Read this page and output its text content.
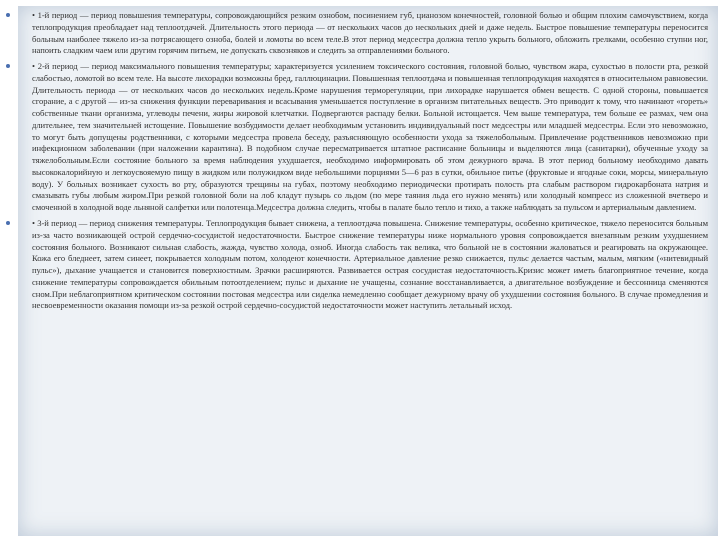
• 1-й период — период повышения температуры, сопровождающийся резким ознобом, посинением губ, цианозом конечностей, головной болью и общим плохим самочувствием, когда теплопродукция преобладает над теплоотдачей. Длительность этого периода — от нескольких часов до нескольких дней и даже недель. Быстрое повышение температуры переносится больным наиболее тяжело из-за потрясающего озноба, болей и ломоты во всем теле.В этот период медсестра должна тепло укрыть больного, обложить грелками, особенно ступни ног, напоить сладким чаем или другим горячим питьем, не допускать сквозняков и следить за отправлениями больного.
• 2-й период — период максимального повышения температуры; характеризуется усилением токсического состояния, головной болью, чувством жара, сухостью в полости рта, резкой слабостью, ломотой во всем теле. На высоте лихорадки возможны бред, галлюцинации. Повышенная теплоотдача и повышенная теплопродукция находятся в относительном равновесии. Длительность периода — от нескольких часов до нескольких недель.Кроме нарушения терморегуляции, при лихорадке нарушается обмен веществ. С одной стороны, повышается сгорание, а с другой — из-за снижения функции переваривания и всасывания уменьшается поступление в организм питательных веществ. Это приводит к тому, что начинают «гореть» собственные ткани организма, углеводы печени, жиры жировой клетчатки. Подвергаются распаду белки. Больной истощается. Чем выше температура, тем больше ее размах, чем она длительнее, тем значительней истощение. Повышение возбудимости делает необходимым установить индивидуальный пост медсестры или младшей медсестры. Если это невозможно, то могут быть допущены родственники, с которыми медсестра провела беседу, разъясняющую особенности ухода за тяжелобольным. Привлечение родственников невозможно при инфекционном заболевании (при наложении карантина). В подобном случае пересматривается штатное расписание больницы и выделяются лица (санитарки), обученные уходу за тяжелобольным.Если состояние больного за время наблюдения ухудшается, необходимо информировать об этом дежурного врача. В этот период больному необходимо давать высококалорийную и легкоусвояемую пищу в жидком или полужидком виде небольшими порциями 5—6 раз в сутки, обильное питье (фруктовые и ягодные соки, морсы, минеральную воду). У больных возникает сухость во рту, образуются трещины на губах, поэтому необходимо периодически протирать полость рта слабым раствором гидрокарбоната натрия и смазывать губы любым жиром.При резкой головной боли на лоб кладут пузырь со льдом (по мере таяния льда его нужно менять) или холодный компресс из сложенной вчетверо и смоченной в холодной воде льняной салфетки или полотенца.Медсестра должна следить, чтобы в палате было тепло и тихо, а также наблюдать за пульсом и артериальным давлением.
• 3-й период — период снижения температуры. Теплопродукция бывает снижена, а теплоотдача повышена. Снижение температуры, особенно критическое, тяжело переносится больным из-за часто возникающей острой сердечно-сосудистой недостаточности. Быстрое снижение температуры ниже нормального уровня сопровождается внезапным резким ухудшением состояния больного. Возникают сильная слабость, жажда, чувство холода, озноб. Иногда слабость так велика, что больной не в состоянии жаловаться и реагировать на окружающее. Кожа его бледнеет, затем синеет, покрывается холодным потом, холодеют конечности. Артериальное давление резко снижается, пульс делается частым, малым, мягким («нитевидный пульс»), дыхание учащается и становится поверхностным. Зрачки расширяются. Развивается острая сосудистая недостаточность.Кризис может иметь благоприятное течение, когда снижение температуры сопровождается обильным потоотделением; пульс и дыхание не учащены, сознание восстанавливается, а двигательное возбуждение и бессонница сменяются сном.При неблагоприятном критическом состоянии постовая медсестра или сиделка немедленно сообщает дежурному врачу об ухудшении состояния больного. В случае промедления и несвоевременности оказания помощи из-за резкой острой сердечно-сосудистой недостаточности может наступить летальный исход.
